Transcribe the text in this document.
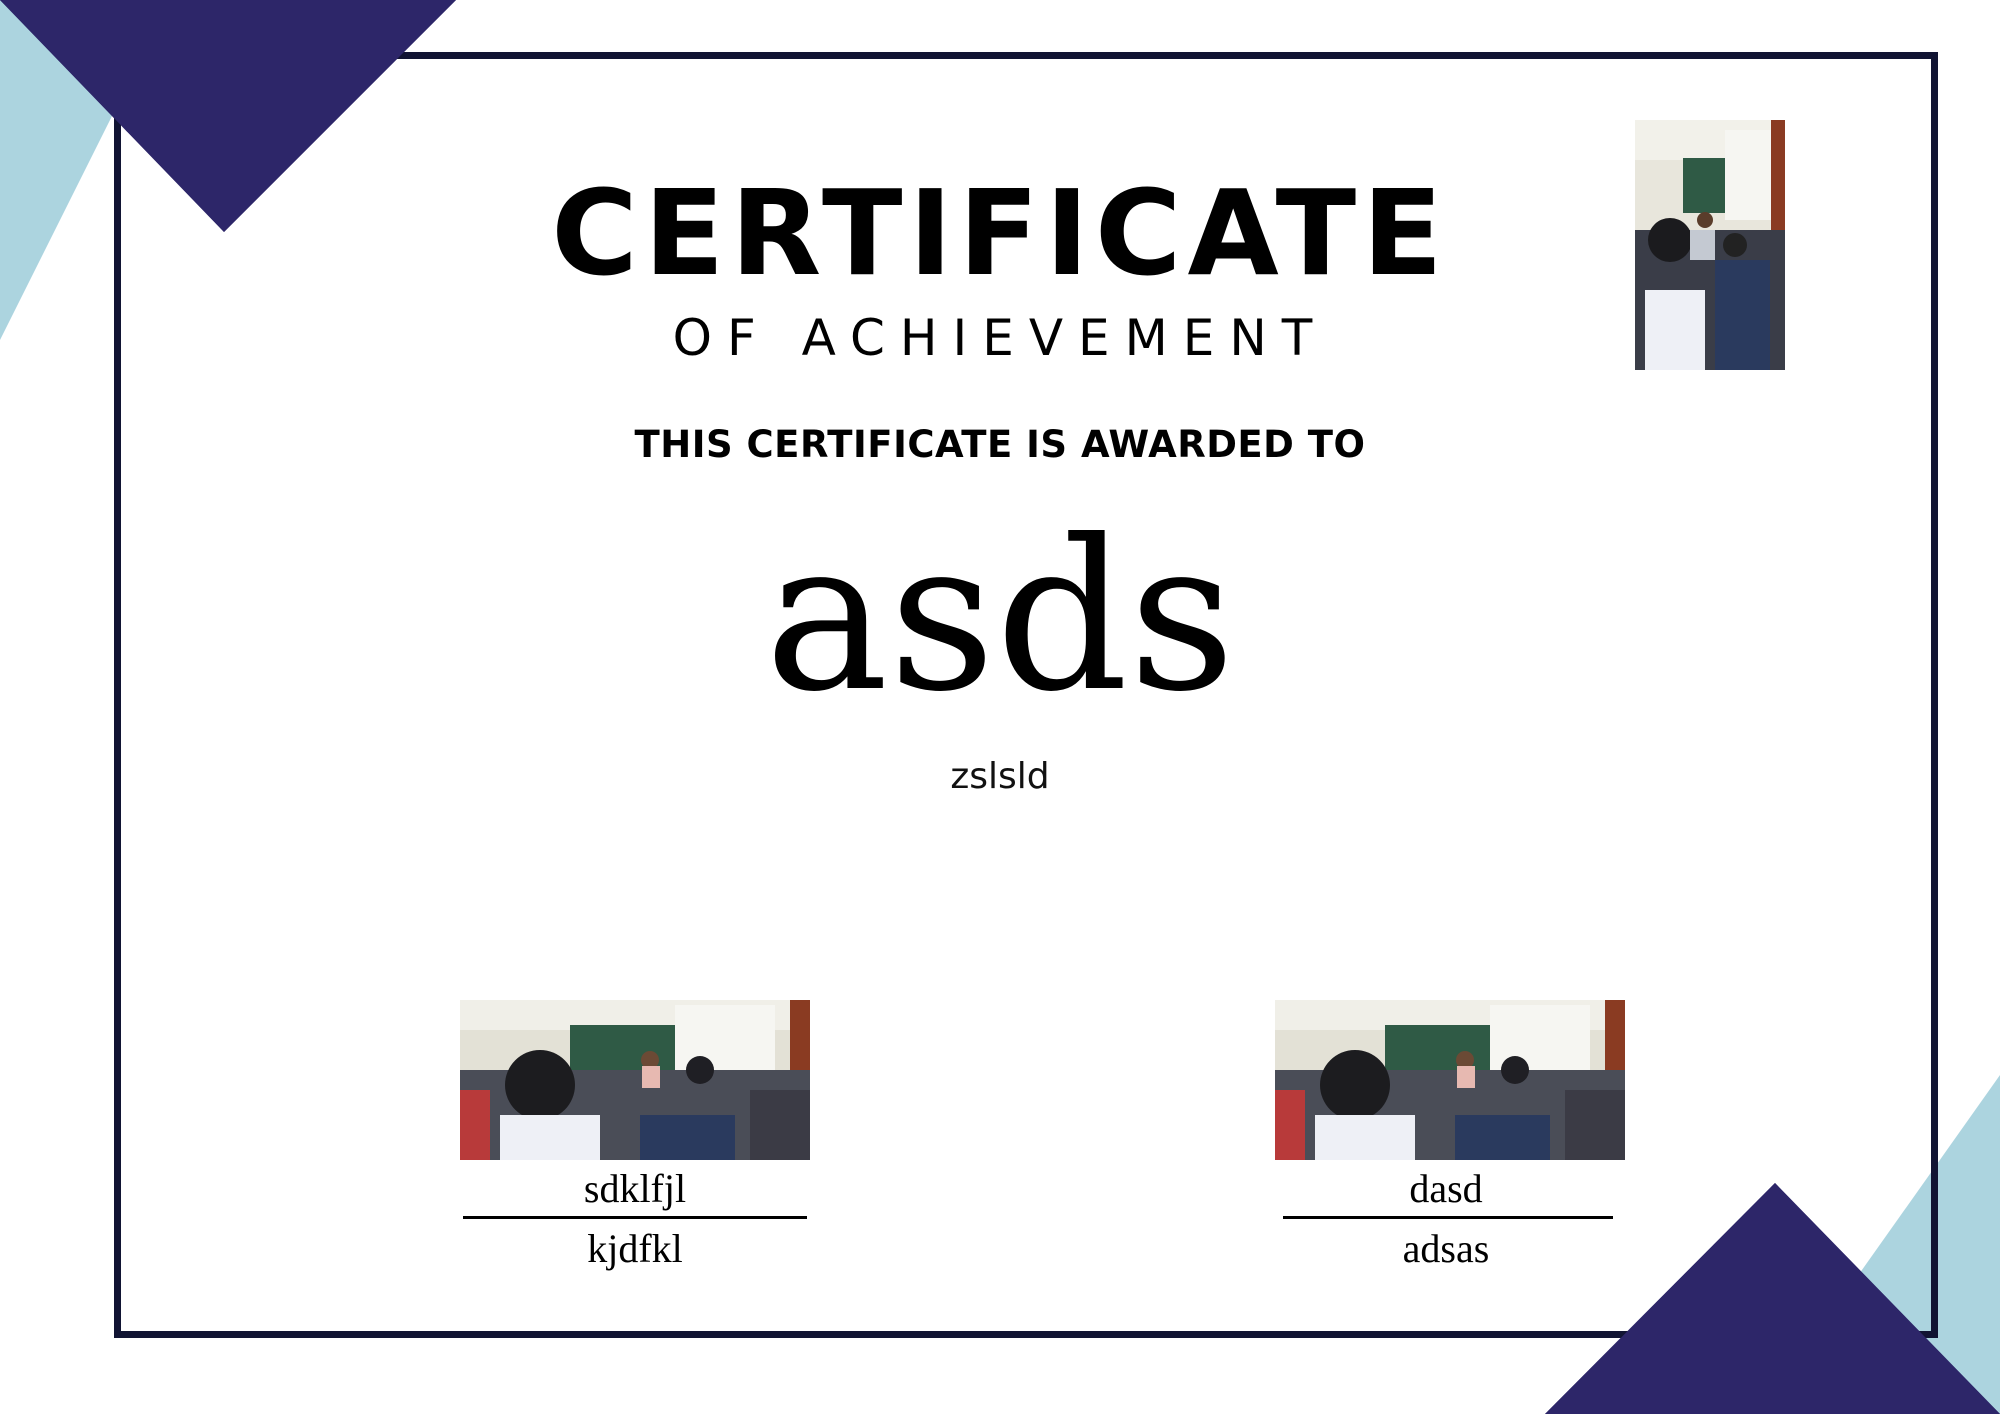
CERTIFICATE
OF ACHIEVEMENT
THIS CERTIFICATE IS AWARDED TO
asds
zslsld
sdklfjl
kjdfkl
dasd
adsas
